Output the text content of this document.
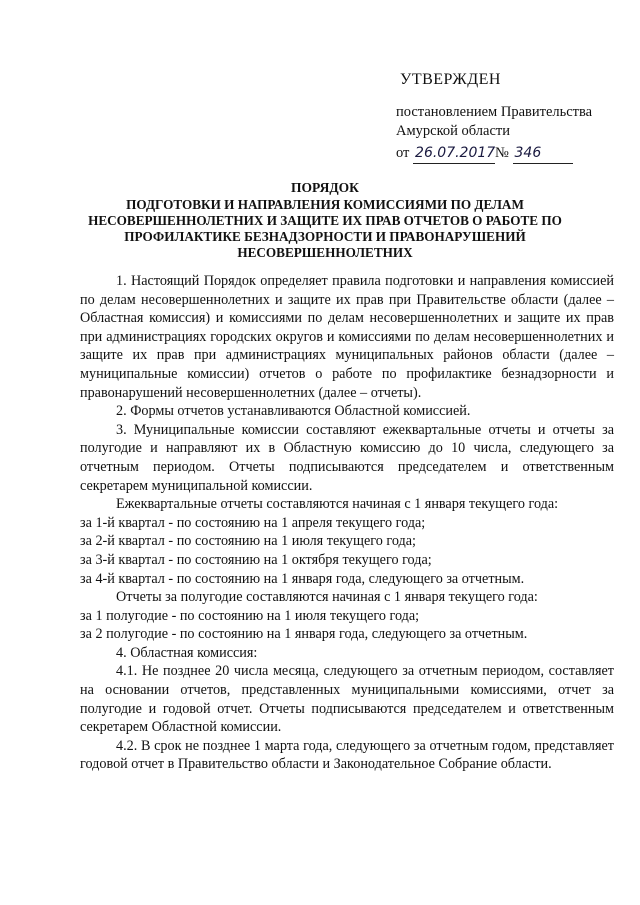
УТВЕРЖДЕН
постановлением Правительства
Амурской области
от 26.07.2017№ 346
ПОРЯДОК
ПОДГОТОВКИ И НАПРАВЛЕНИЯ КОМИССИЯМИ ПО ДЕЛАМ НЕСОВЕРШЕННОЛЕТНИХ И ЗАЩИТЕ ИХ ПРАВ ОТЧЕТОВ О РАБОТЕ ПО ПРОФИЛАКТИКЕ БЕЗНАДЗОРНОСТИ И ПРАВОНАРУШЕНИЙ НЕСОВЕРШЕННОЛЕТНИХ

1. Настоящий Порядок определяет правила подготовки и направления комиссией по делам несовершеннолетних и защите их прав при Правительстве области (далее – Областная комиссия) и комиссиями по делам несовершеннолетних и защите их прав при администрациях городских округов и комиссиями по делам несовершеннолетних и защите их прав при администрациях муниципальных районов области (далее – муниципальные комиссии) отчетов о работе по профилактике безнадзорности и правонарушений несовершеннолетних (далее – отчеты).

2. Формы отчетов устанавливаются Областной комиссией.

3. Муниципальные комиссии составляют ежеквартальные отчеты и отчеты за полугодие и направляют их в Областную комиссию до 10 числа, следующего за отчетным периодом. Отчеты подписываются председателем и ответственным секретарем муниципальной комиссии.

Ежеквартальные отчеты составляются начиная с 1 января текущего года:

за 1-й квартал - по состоянию на 1 апреля текущего года;

за 2-й квартал - по состоянию на 1 июля текущего года;

за 3-й квартал - по состоянию на 1 октября текущего года;

за 4-й квартал - по состоянию на 1 января года, следующего за отчетным.

Отчеты за полугодие составляются начиная с 1 января текущего года:

за 1 полугодие - по состоянию на 1 июля текущего года;

за 2 полугодие - по состоянию на 1 января года, следующего за отчетным.

4. Областная комиссия:

4.1. Не позднее 20 числа месяца, следующего за отчетным периодом, составляет на основании отчетов, представленных муниципальными комиссиями, отчет за полугодие и годовой отчет. Отчеты подписываются председателем и ответственным секретарем Областной комиссии.

4.2. В срок не позднее 1 марта года, следующего за отчетным годом, представляет годовой отчет в Правительство области и Законодательное Собрание области.
